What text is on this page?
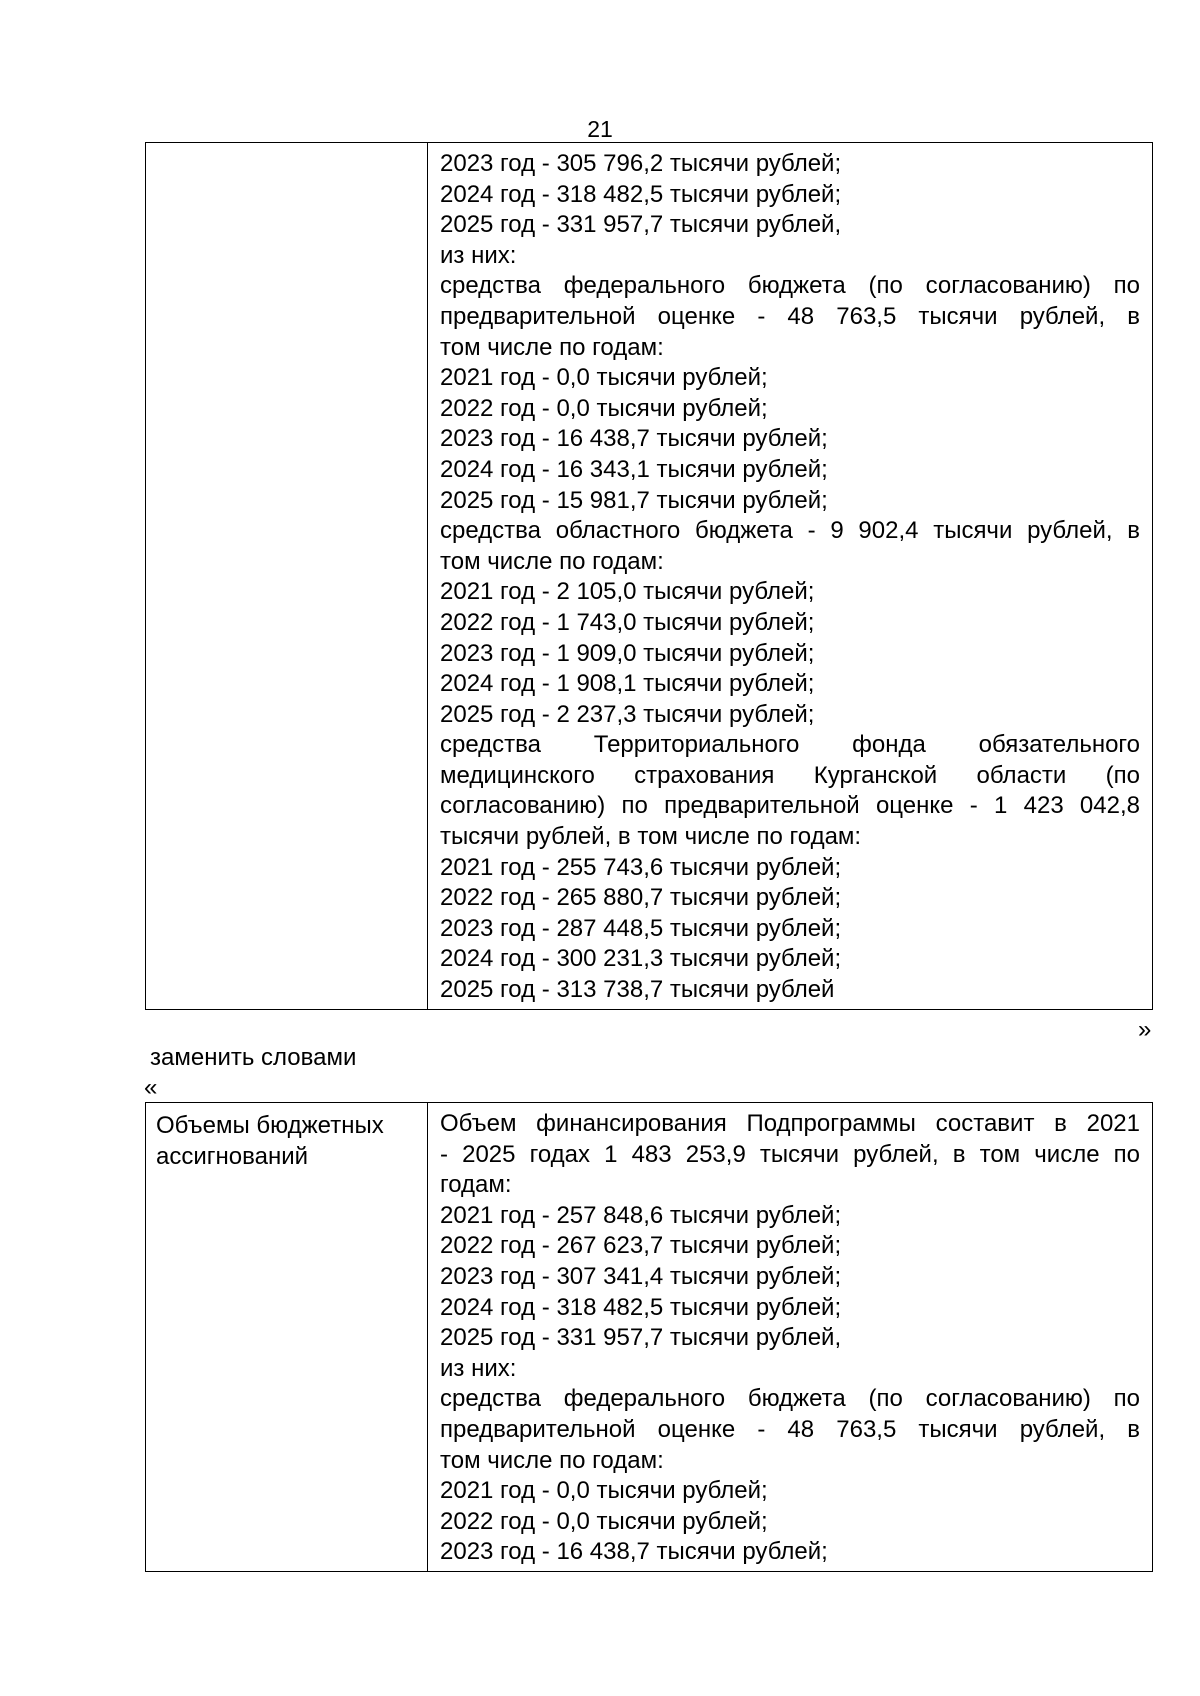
21
2023 год - 305 796,2 тысячи рублей;
2024 год - 318 482,5 тысячи рублей;
2025 год - 331 957,7 тысячи рублей,
из них:
средства федерального бюджета (по согласованию) по
предварительной оценке - 48 763,5 тысячи рублей, в
том числе по годам:
2021 год - 0,0 тысячи рублей;
2022 год - 0,0 тысячи рублей;
2023 год - 16 438,7 тысячи рублей;
2024 год - 16 343,1 тысячи рублей;
2025 год - 15 981,7 тысячи рублей;
средства областного бюджета - 9 902,4 тысячи рублей, в
том числе по годам:
2021 год - 2 105,0 тысячи рублей;
2022 год - 1 743,0 тысячи рублей;
2023 год - 1 909,0 тысячи рублей;
2024 год - 1 908,1 тысячи рублей;
2025 год - 2 237,3 тысячи рублей;
средства Территориального фонда обязательного
медицинского страхования Курганской области (по
согласованию) по предварительной оценке - 1 423 042,8
тысячи рублей, в том числе по годам:
2021 год - 255 743,6 тысячи рублей;
2022 год - 265 880,7 тысячи рублей;
2023 год - 287 448,5 тысячи рублей;
2024 год - 300 231,3 тысячи рублей;
2025 год - 313 738,7 тысячи рублей
»
заменить словами
«
Объемы бюджетных
ассигнований
Объем финансирования Подпрограммы составит в 2021
- 2025 годах 1 483 253,9 тысячи рублей, в том числе по
годам:
2021 год - 257 848,6 тысячи рублей;
2022 год - 267 623,7 тысячи рублей;
2023 год - 307 341,4 тысячи рублей;
2024 год - 318 482,5 тысячи рублей;
2025 год - 331 957,7 тысячи рублей,
из них:
средства федерального бюджета (по согласованию) по
предварительной оценке - 48 763,5 тысячи рублей, в
том числе по годам:
2021 год - 0,0 тысячи рублей;
2022 год - 0,0 тысячи рублей;
2023 год - 16 438,7 тысячи рублей;
